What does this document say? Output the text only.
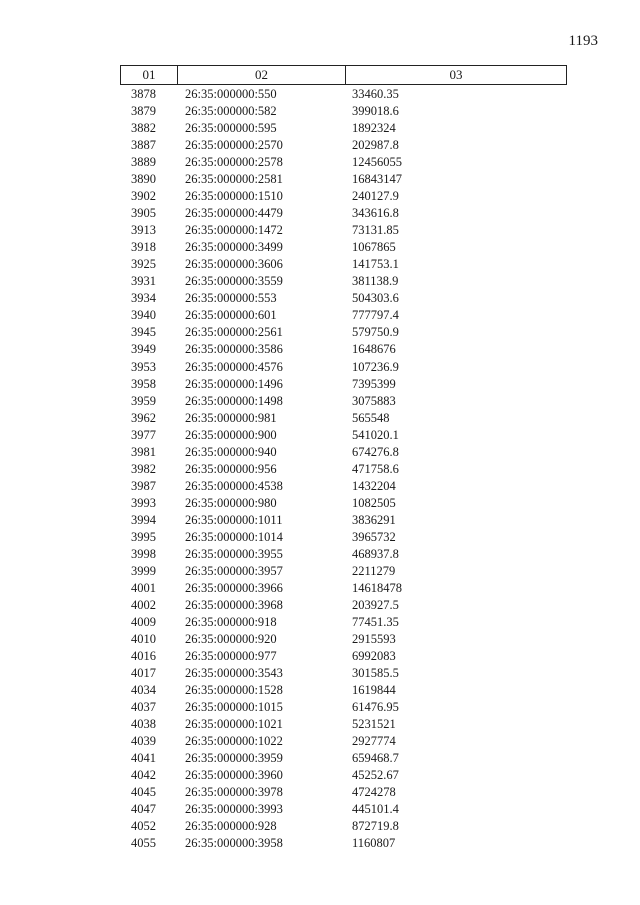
1193
01	02	03
3878 26:35:000000:550	33460.35
3879 26:35:000000:582	399018.6
3882 26:35:000000:595	1892324
3887 26:35:000000:2570	202987.8
3889 26:35:000000:2578	12456055
3890 26:35:000000:2581	16843147
3902 26:35:000000:1510	240127.9
3905 26:35:000000:4479	343616.8
3913 26:35:000000:1472	73131.85
3918 26:35:000000:3499	1067865
3925 26:35:000000:3606	141753.1
3931 26:35:000000:3559	381138.9
3934 26:35:000000:553	504303.6
3940 26:35:000000:601	777797.4
3945 26:35:000000:2561	579750.9
3949 26:35:000000:3586	1648676
3953 26:35:000000:4576	107236.9
3958 26:35:000000:1496	7395399
3959 26:35:000000:1498	3075883
3962 26:35:000000:981	565548
3977 26:35:000000:900	541020.1
3981 26:35:000000:940	674276.8
3982 26:35:000000:956	471758.6
3987 26:35:000000:4538	1432204
3993 26:35:000000:980	1082505
3994 26:35:000000:1011	3836291
3995 26:35:000000:1014	3965732
3998 26:35:000000:3955	468937.8
3999 26:35:000000:3957	2211279
4001 26:35:000000:3966	14618478
4002 26:35:000000:3968	203927.5
4009 26:35:000000:918	77451.35
4010 26:35:000000:920	2915593
4016 26:35:000000:977	6992083
4017 26:35:000000:3543	301585.5
4034 26:35:000000:1528	1619844
4037 26:35:000000:1015	61476.95
4038 26:35:000000:1021	5231521
4039 26:35:000000:1022	2927774
4041 26:35:000000:3959	659468.7
4042 26:35:000000:3960	45252.67
4045 26:35:000000:3978	4724278
4047 26:35:000000:3993	445101.4
4052 26:35:000000:928	872719.8
4055 26:35:000000:3958	1160807
